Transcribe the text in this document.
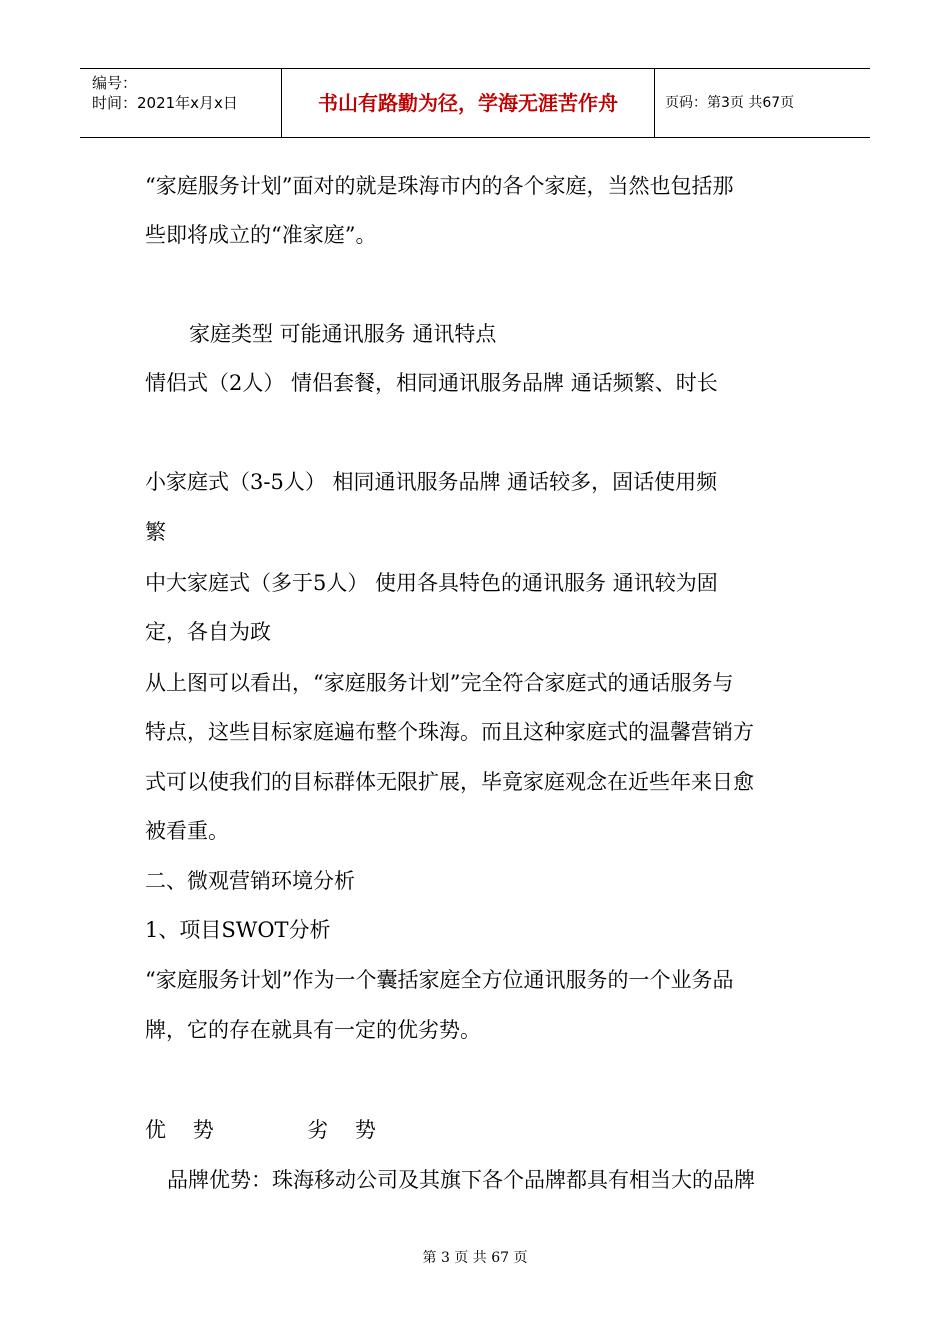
编号：
时间：2021年x月x日	书山有路勤为径，学海无涯苦作舟	页码：第3页 共67页
“家庭服务计划”面对的就是珠海市内的各个家庭，当然也包括那
些即将成立的“准家庭”。
家庭类型 可能通讯服务 通讯特点
情侣式（2人） 情侣套餐，相同通讯服务品牌 通话频繁、时长
小家庭式（3-5人） 相同通讯服务品牌 通话较多，固话使用频
繁
中大家庭式（多于5人） 使用各具特色的通讯服务 通讯较为固
定，各自为政
从上图可以看出，“家庭服务计划”完全符合家庭式的通话服务与
特点，这些目标家庭遍布整个珠海。而且这种家庭式的温馨营销方
式可以使我们的目标群体无限扩展，毕竟家庭观念在近些年来日愈
被看重。
二、微观营销环境分析
1、项目SWOT分析
“家庭服务计划”作为一个囊括家庭全方位通讯服务的一个业务品
牌，它的存在就具有一定的优劣势。
优    势              劣    势
品牌优势：珠海移动公司及其旗下各个品牌都具有相当大的品牌
第 3 页 共 67 页
